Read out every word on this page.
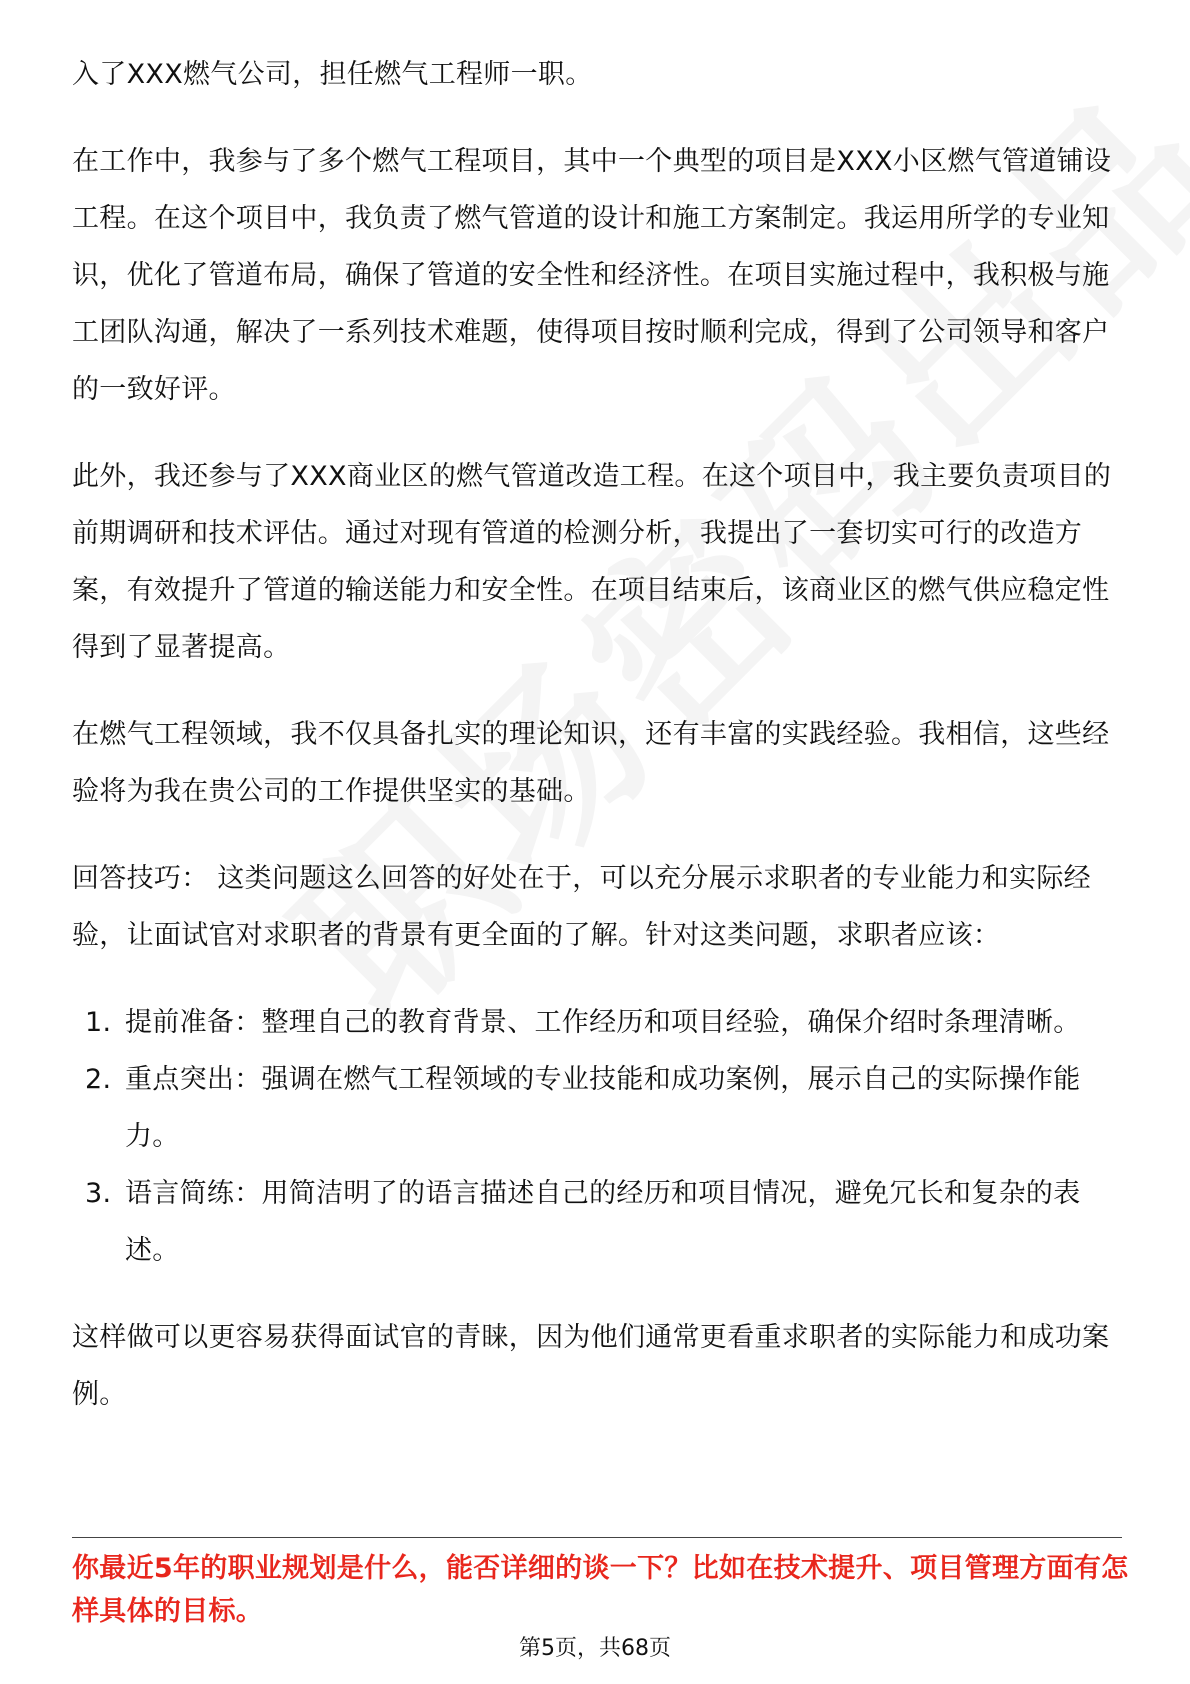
入了XXX燃气公司，担任燃气工程师一职。

在工作中，我参与了多个燃气工程项目，其中一个典型的项目是XXX小区燃气管道铺设工程。在这个项目中，我负责了燃气管道的设计和施工方案制定。我运用所学的专业知识，优化了管道布局，确保了管道的安全性和经济性。在项目实施过程中，我积极与施工团队沟通，解决了一系列技术难题，使得项目按时顺利完成，得到了公司领导和客户的一致好评。

此外，我还参与了XXX商业区的燃气管道改造工程。在这个项目中，我主要负责项目的前期调研和技术评估。通过对现有管道的检测分析，我提出了一套切实可行的改造方案，有效提升了管道的输送能力和安全性。在项目结束后，该商业区的燃气供应稳定性得到了显著提高。

在燃气工程领域，我不仅具备扎实的理论知识，还有丰富的实践经验。我相信，这些经验将为我在贵公司的工作提供坚实的基础。

回答技巧： 这类问题这么回答的好处在于，可以充分展示求职者的专业能力和实际经验，让面试官对求职者的背景有更全面的了解。针对这类问题，求职者应该：

1. 提前准备：整理自己的教育背景、工作经历和项目经验，确保介绍时条理清晰。
2. 重点突出：强调在燃气工程领域的专业技能和成功案例，展示自己的实际操作能力。
3. 语言简练：用简洁明了的语言描述自己的经历和项目情况，避免冗长和复杂的表述。

这样做可以更容易获得面试官的青睐，因为他们通常更看重求职者的实际能力和成功案例。

你最近5年的职业规划是什么，能否详细的谈一下？比如在技术提升、项目管理方面有怎样具体的目标。
第5页，共68页
